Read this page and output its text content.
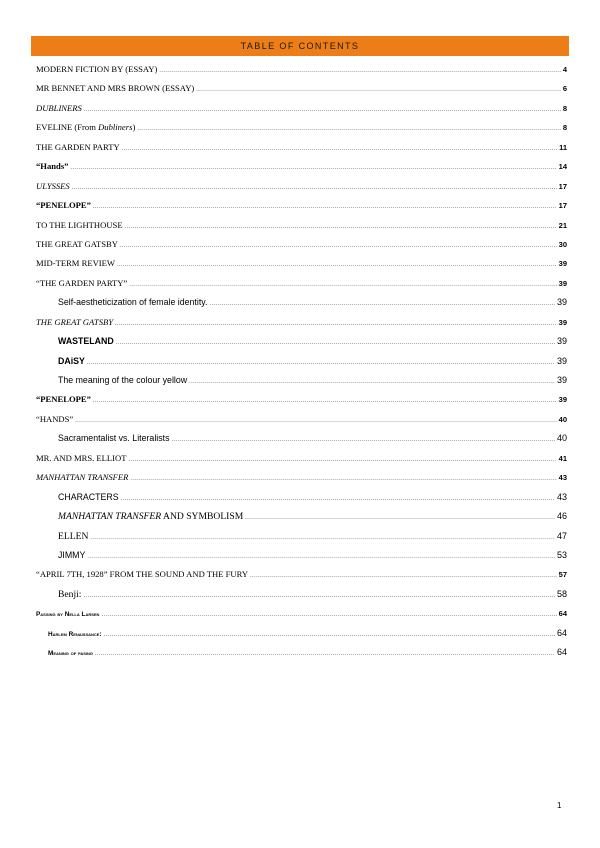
TABLE OF CONTENTS
MODERN FICTION BY (ESSAY) .....	4
MR BENNET AND MRS BROWN (ESSAY) .....	6
DUBLINERS .....	8
EVELINE (From Dubliners) .....	8
THE GARDEN PARTY .....	11
“Hands” .....	14
ULYSSES .....	17
“PENELOPE” .....	17
TO THE LIGHTHOUSE .....	21
THE GREAT GATSBY .....	30
MID-TERM REVIEW .....	39
“THE GARDEN PARTY” .....	39
Self-aestheticization of female identity. .....	39
THE GREAT GATSBY .....	39
WASTELAND .....	39
DAiSY .....	39
The meaning of the colour yellow .....	39
“PENELOPE” .....	39
“HANDS” .....	40
Sacramentalist vs. Literalists .....	40
MR. AND MRS. ELLIOT .....	41
MANHATTAN TRANSFER .....	43
CHARACTERS .....	43
MANHATTAN TRANSFER AND SYMBOLISM .....	46
ELLEN .....	47
JIMMY .....	53
“APRIL 7TH, 1928” FROM THE SOUND AND THE FURY .....	57
Benji: .....	58
Passing by Nella Larsen .....	64
Harlem Renaissance: .....	64
Meaning of pasing .....	64
1
